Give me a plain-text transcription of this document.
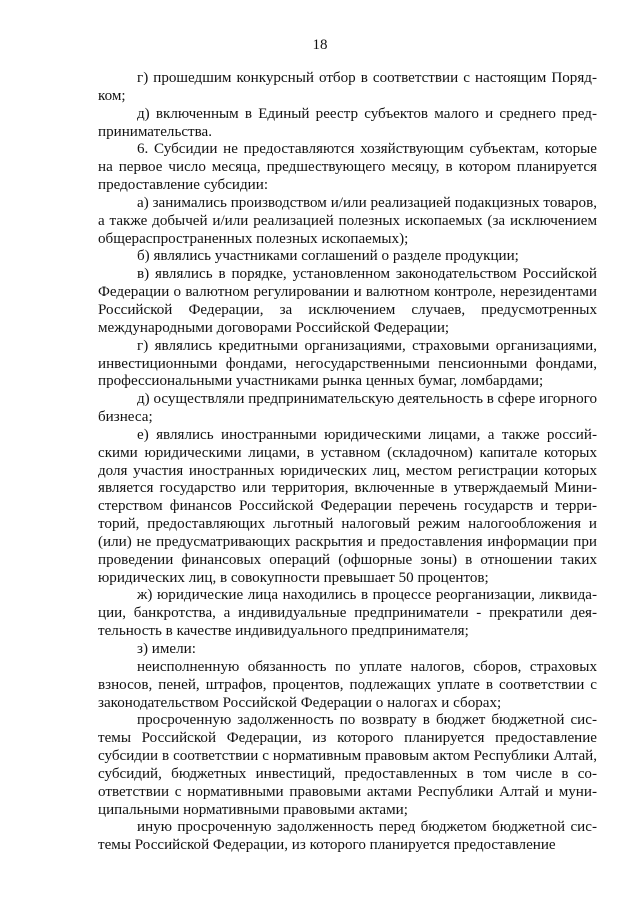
18

г) прошедшим конкурсный отбор в соответствии с настоящим Порядком;

д) включенным в Единый реестр субъектов малого и среднего предпринимательства.

6. Субсидии не предоставляются хозяйствующим субъектам, которые на первое число месяца, предшествующего месяцу, в котором планируется предоставление субсидии:

а) занимались производством и/или реализацией подакцизных товаров, а также добычей и/или реализацией полезных ископаемых (за исключением общераспространенных полезных ископаемых);

б) являлись участниками соглашений о разделе продукции;

в) являлись в порядке, установленном законодательством Российской Федерации о валютном регулировании и валютном контроле, нерезидентами Российской Федерации, за исключением случаев, предусмотренных международными договорами Российской Федерации;

г) являлись кредитными организациями, страховыми организациями, инвестиционными фондами, негосударственными пенсионными фондами, профессиональными участниками рынка ценных бумаг, ломбардами;

д) осуществляли предпринимательскую деятельность в сфере игорного бизнеса;

е) являлись иностранными юридическими лицами, а также российскими юридическими лицами, в уставном (складочном) капитале которых доля участия иностранных юридических лиц, местом регистрации которых является государство или территория, включенные в утверждаемый Министерством финансов Российской Федерации перечень государств и территорий, предоставляющих льготный налоговый режим налогообложения и (или) не предусматривающих раскрытия и предоставления информации при проведении финансовых операций (офшорные зоны) в отношении таких юридических лиц, в совокупности превышает 50 процентов;

ж) юридические лица находились в процессе реорганизации, ликвидации, банкротства, а индивидуальные предприниматели - прекратили деятельность в качестве индивидуального предпринимателя;

з) имели:

неисполненную обязанность по уплате налогов, сборов, страховых взносов, пеней, штрафов, процентов, подлежащих уплате в соответствии с законодательством Российской Федерации о налогах и сборах;

просроченную задолженность по возврату в бюджет бюджетной системы Российской Федерации, из которого планируется предоставление субсидии в соответствии с нормативным правовым актом Республики Алтай, субсидий, бюджетных инвестиций, предоставленных в том числе в соответствии с нормативными правовыми актами Республики Алтай и муниципальными нормативными правовыми актами;

иную просроченную задолженность перед бюджетом бюджетной системы Российской Федерации, из которого планируется предоставление
